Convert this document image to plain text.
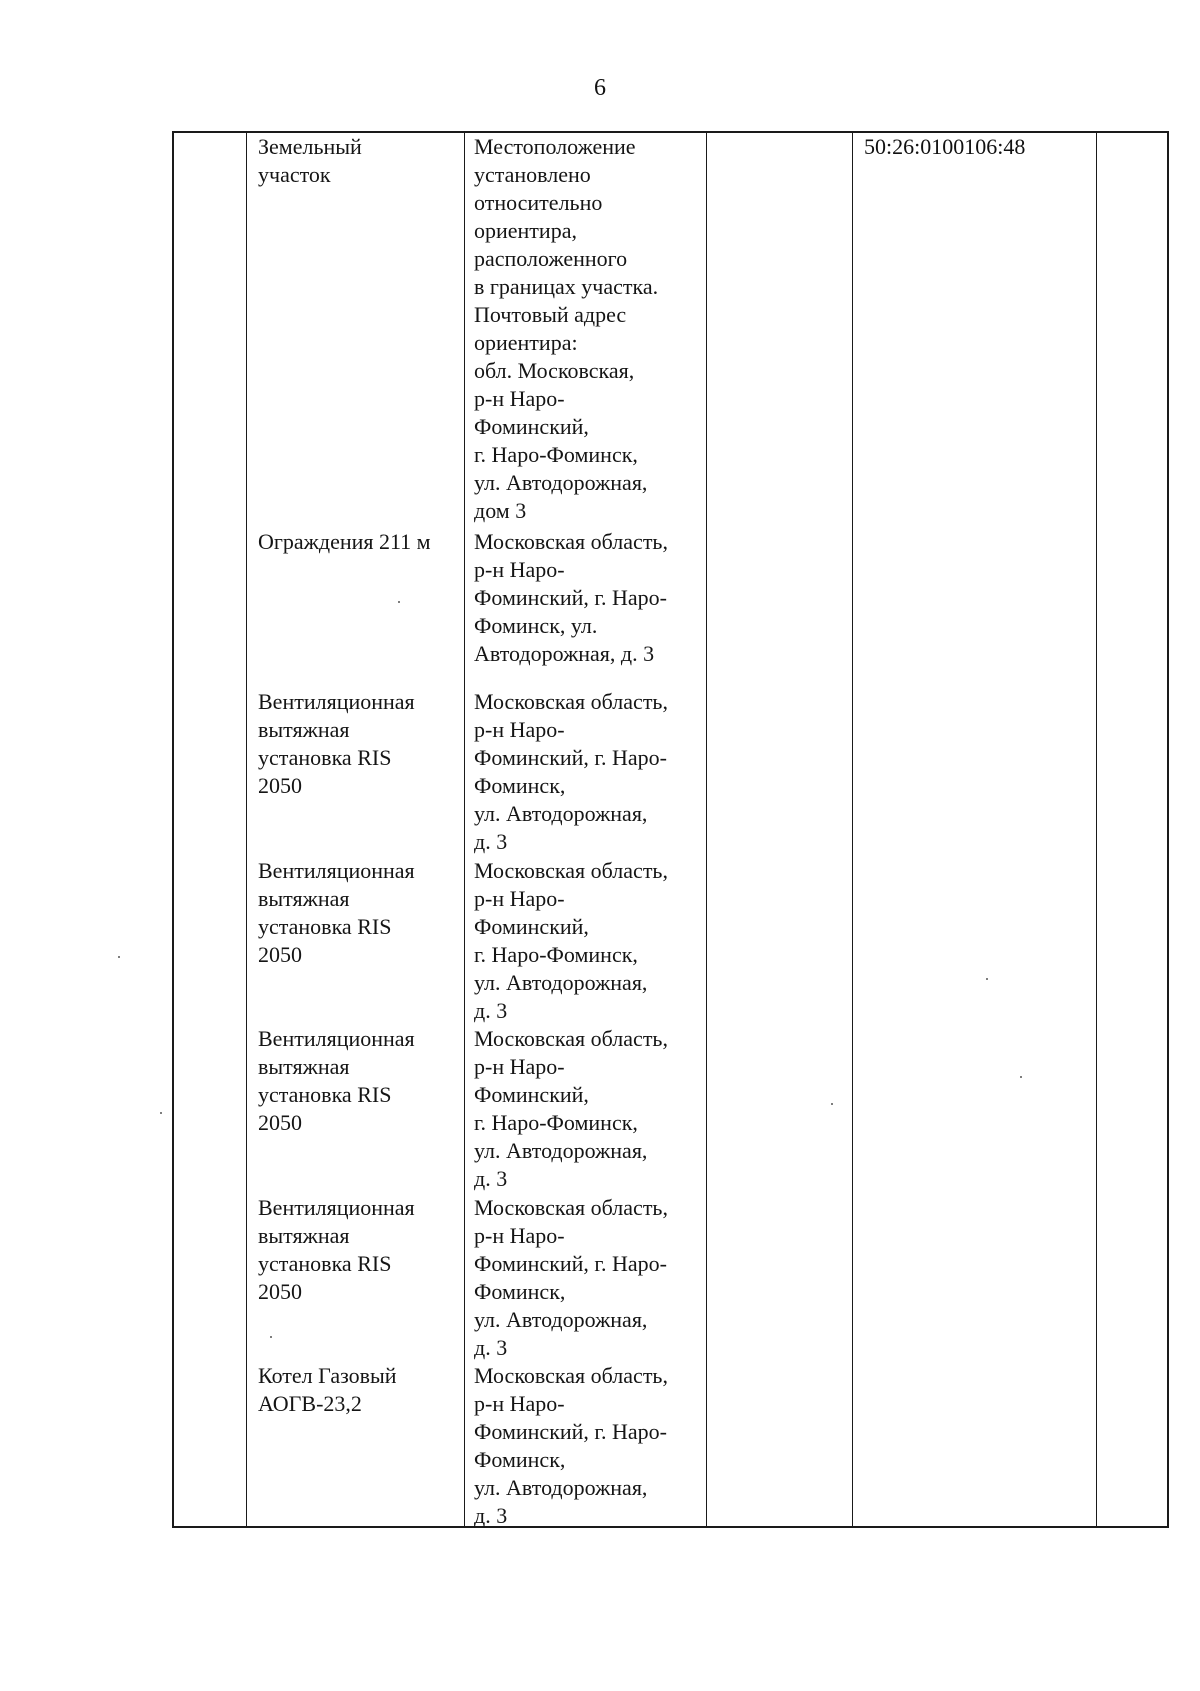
6
50:26:0100106:48
Земельный
участок
Местоположение
установлено
относительно
ориентира,
расположенного
в границах участка.
Почтовый адрес
ориентира:
обл. Московская,
р-н Наро-
Фоминский,
г. Наро-Фоминск,
ул. Автодорожная,
дом 3
Ограждения 211 м Московская область,
р-н Наро-
Фоминский, г. Наро-
Фоминск, ул.
Автодорожная, д. 3
Вентиляционная
вытяжная
установка RIS
2050
Московская область,
р-н Наро-
Фоминский, г. Наро-
Фоминск,
ул. Автодорожная,
д. 3
Вентиляционная
вытяжная
установка RIS
2050
Московская область,
р-н Наро-
Фоминский,
г. Наро-Фоминск,
ул. Автодорожная,
д. 3
Вентиляционная
вытяжная
установка RIS
2050
Московская область,
р-н Наро-
Фоминский,
г. Наро-Фоминск,
ул. Автодорожная,
д. 3
Вентиляционная
вытяжная
установка RIS
2050
Московская область,
р-н Наро-
Фоминский, г. Наро-
Фоминск,
ул. Автодорожная,
д. 3
Котел Газовый
АОГВ-23,2
Московская область,
р-н Наро-
Фоминский, г. Наро-
Фоминск,
ул. Автодорожная,
д. 3
